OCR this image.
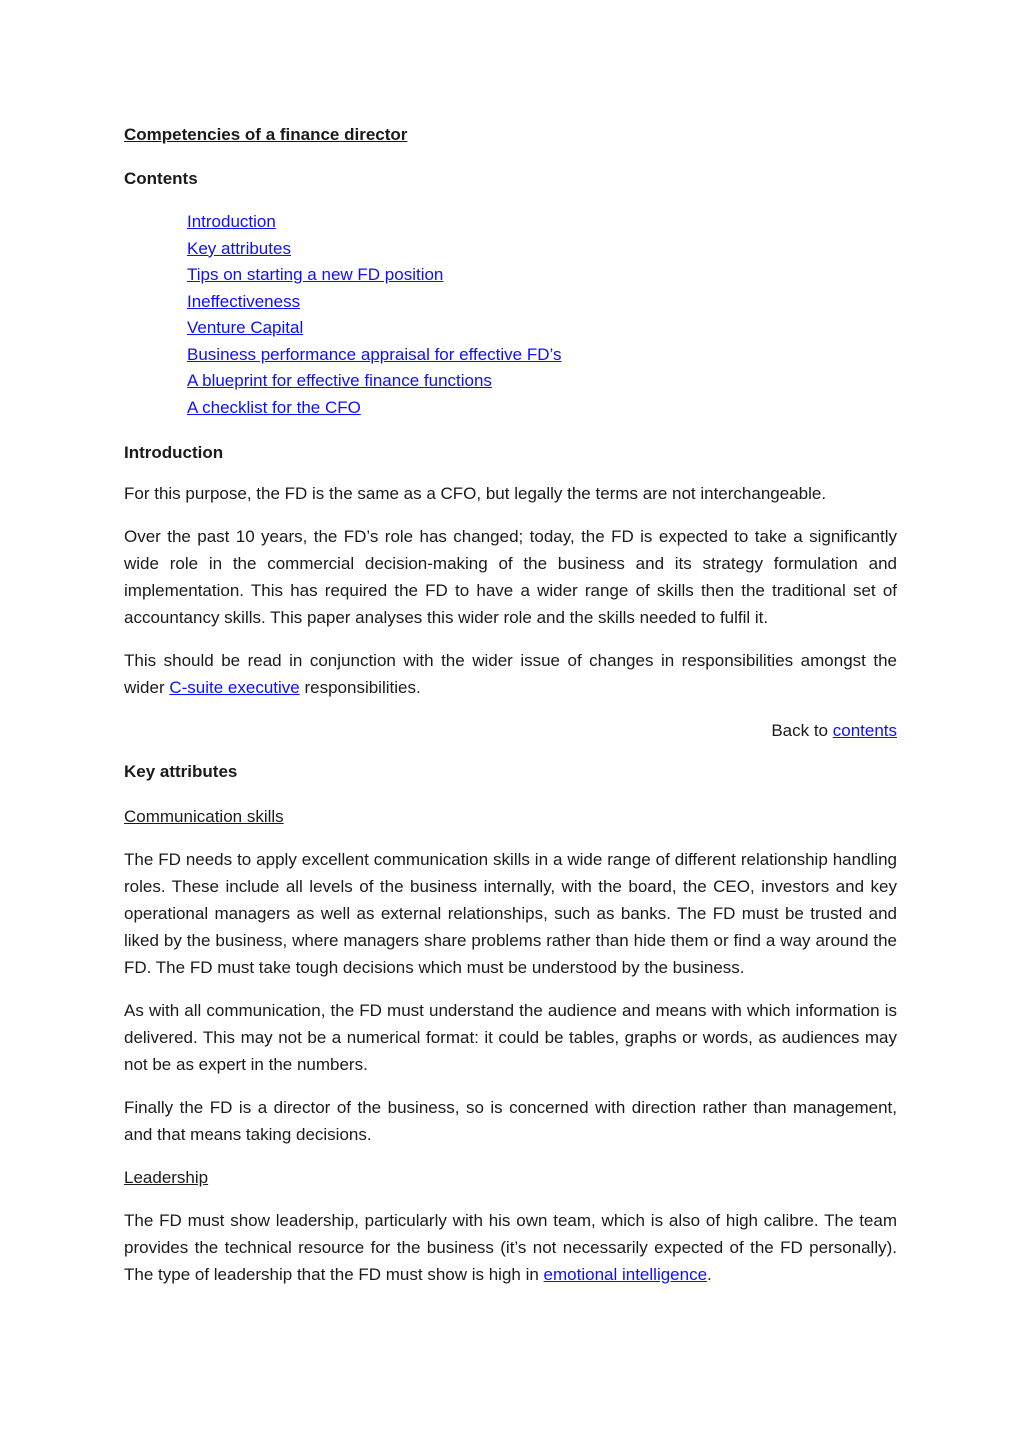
Competencies of a finance director

Contents

Introduction
Key attributes
Tips on starting a new FD position
Ineffectiveness
Venture Capital
Business performance appraisal for effective FD’s
A blueprint for effective finance functions
A checklist for the CFO

Introduction

For this purpose, the FD is the same as a CFO, but legally the terms are not interchangeable.

Over the past 10 years, the FD’s role has changed; today, the FD is expected to take a significantly wide role in the commercial decision-making of the business and its strategy formulation and implementation. This has required the FD to have a wider range of skills then the traditional set of accountancy skills. This paper analyses this wider role and the skills needed to fulfil it.

This should be read in conjunction with the wider issue of changes in responsibilities amongst the wider C-suite executive responsibilities.

Back to contents

Key attributes

Communication skills

The FD needs to apply excellent communication skills in a wide range of different relationship handling roles. These include all levels of the business internally, with the board, the CEO, investors and key operational managers as well as external relationships, such as banks. The FD must be trusted and liked by the business, where managers share problems rather than hide them or find a way around the FD. The FD must take tough decisions which must be understood by the business.

As with all communication, the FD must understand the audience and means with which information is delivered. This may not be a numerical format: it could be tables, graphs or words, as audiences may not be as expert in the numbers.

Finally the FD is a director of the business, so is concerned with direction rather than management, and that means taking decisions.

Leadership

The FD must show leadership, particularly with his own team, which is also of high calibre. The team provides the technical resource for the business (it’s not necessarily expected of the FD personally). The type of leadership that the FD must show is high in emotional intelligence.
